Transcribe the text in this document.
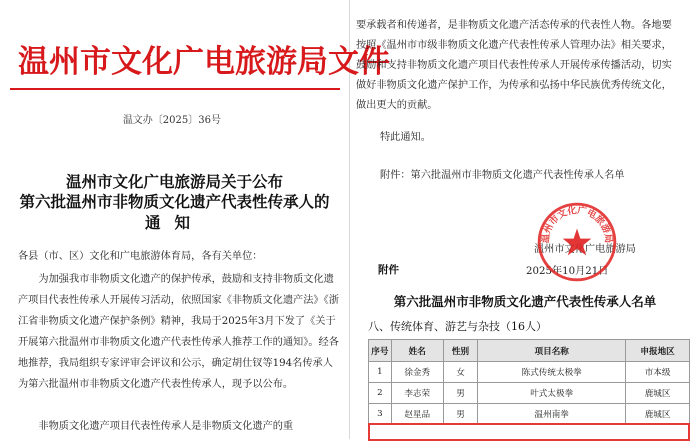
温州市文化广电旅游局文件
温文办〔2025〕36号
温州市文化广电旅游局关于公布
第六批温州市非物质文化遗产代表性传承人的
通知
各县（市、区）文化和广电旅游体育局，各有关单位：
为加强我市非物质文化遗产的保护传承，鼓励和支持非物质文化遗产项目代表性传承人开展传习活动，依照国家《非物质文化遗产法》《浙江省非物质文化遗产保护条例》精神，我局于2025年3月下发了《关于开展第六批温州市非物质文化遗产代表性传承人推荐工作的通知》。经各地推荐，我局组织专家评审会评议和公示，确定胡仕钗等194名传承人为第六批温州市非物质文化遗产代表性传承人，现予以公布。
非物质文化遗产项目代表性传承人是非物质文化遗产的重
要承载者和传递者，是非物质文化遗产活态传承的代表性人物。各地要按照《温州市市级非物质文化遗产代表性传承人管理办法》相关要求，鼓励和支持非物质文化遗产项目代表性传承人开展传承传播活动，切实做好非物质文化遗产保护工作，为传承和弘扬中华民族优秀传统文化，做出更大的贡献。
特此通知。
附件：第六批温州市非物质文化遗产代表性传承人名单
温州市文化广电旅游局
2025年10月21日
温州市文化广电旅游局
附件
第六批温州市非物质文化遗产代表性传承人名单
八、传统体育、游艺与杂技（16人）
序号	姓名	性别	项目名称	申报地区
1	徐金秀	女	陈式传统太极拳	市本级
2	李志荣	男	叶式太极拳	鹿城区
3	赵星品	男	温州南拳	鹿城区
